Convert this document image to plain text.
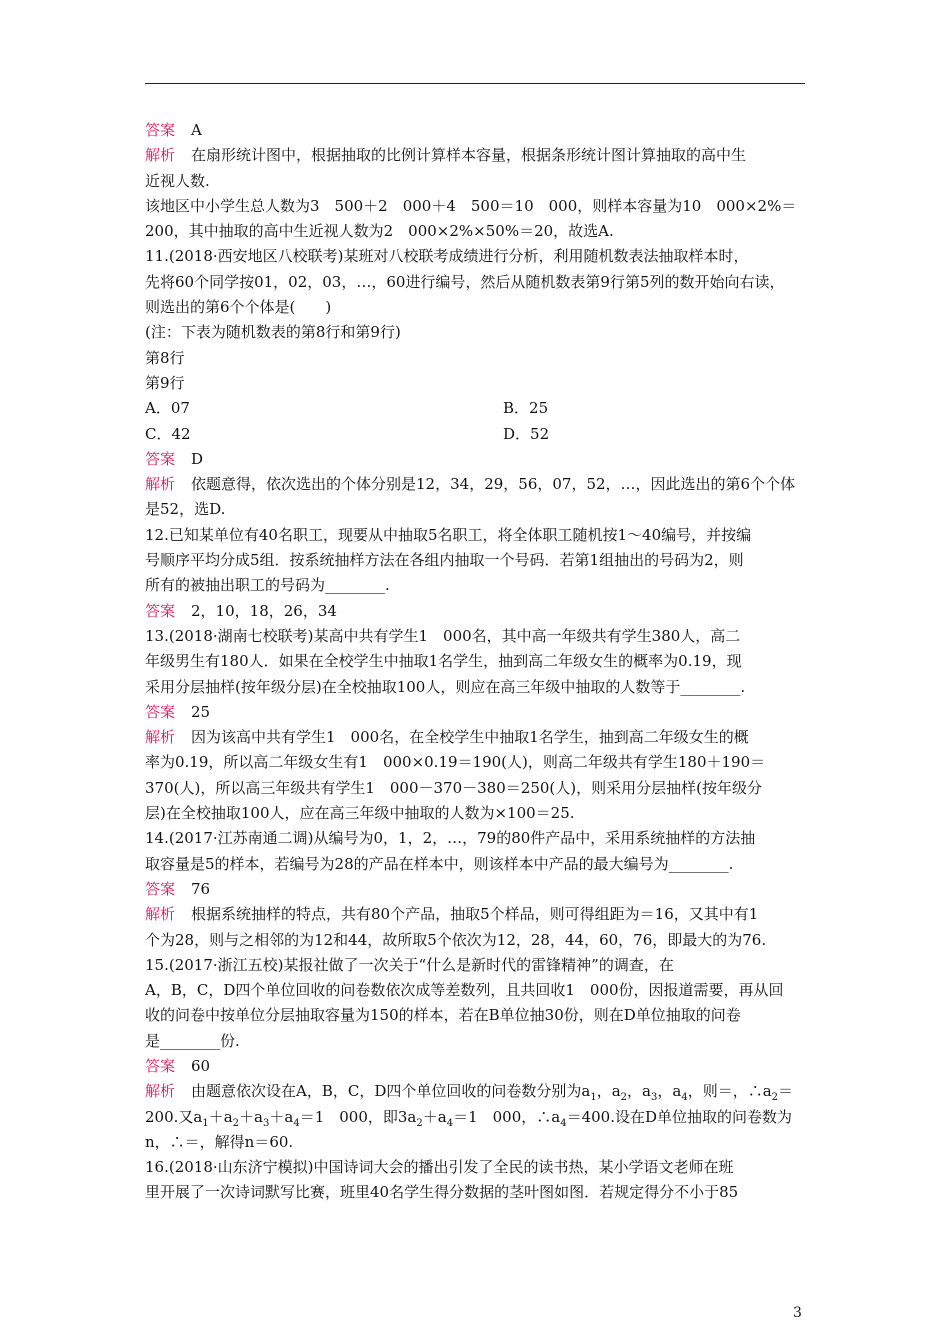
答案 A
解析 在扇形统计图中，根据抽取的比例计算样本容量，根据条形统计图计算抽取的高中生
近视人数.
该地区中小学生总人数为3　500＋2　000＋4　500＝10　000，则样本容量为10　000×2%＝
200，其中抽取的高中生近视人数为2　000×2%×50%＝20，故选A.
11.(2018·西安地区八校联考)某班对八校联考成绩进行分析，利用随机数表法抽取样本时，
先将60个同学按01，02，03，…，60进行编号，然后从随机数表第9行第5列的数开始向右读，
则选出的第6个个体是(　　)
(注：下表为随机数表的第8行和第9行)
第8行
第9行
A．07	B．25
C．42	D．52
答案 D
解析 依题意得，依次选出的个体分别是12，34，29，56，07，52，…，因此选出的第6个个体
是52，选D.
12.已知某单位有40名职工，现要从中抽取5名职工，将全体职工随机按1～40编号，并按编
号顺序平均分成5组．按系统抽样方法在各组内抽取一个号码．若第1组抽出的号码为2，则
所有的被抽出职工的号码为________.
答案 2，10，18，26，34
13.(2018·湖南七校联考)某高中共有学生1　000名，其中高一年级共有学生380人，高二
年级男生有180人．如果在全校学生中抽取1名学生，抽到高二年级女生的概率为0.19，现
采用分层抽样(按年级分层)在全校抽取100人，则应在高三年级中抽取的人数等于________.
答案 25
解析 因为该高中共有学生1　000名，在全校学生中抽取1名学生，抽到高二年级女生的概
率为0.19，所以高二年级女生有1　000×0.19＝190(人)，则高二年级共有学生180＋190＝
370(人)，所以高三年级共有学生1　000－370－380＝250(人)，则采用分层抽样(按年级分
层)在全校抽取100人，应在高三年级中抽取的人数为×100＝25.
14.(2017·江苏南通二调)从编号为0，1，2，…，79的80件产品中，采用系统抽样的方法抽
取容量是5的样本，若编号为28的产品在样本中，则该样本中产品的最大编号为________.
答案 76
解析 根据系统抽样的特点，共有80个产品，抽取5个样品，则可得组距为＝16，又其中有1
个为28，则与之相邻的为12和44，故所取5个依次为12，28，44，60，76，即最大的为76.
15.(2017·浙江五校)某报社做了一次关于“什么是新时代的雷锋精神”的调查，在
A，B，C，D四个单位回收的问卷数依次成等差数列，且共回收1　000份，因报道需要，再从回
收的问卷中按单位分层抽取容量为150的样本，若在B单位抽30份，则在D单位抽取的问卷
是________份.
答案 60
解析 由题意依次设在A，B，C，D四个单位回收的问卷数分别为$a_1$，$a_2$，$a_3$，$a_4$，则＝，$\therefore a_2=$
200.又$a_1+a_2+a_3+a_4=1$　000，即$3a_2+a_4=1$　000，$\therefore a_4=400$.设在D单位抽取的问卷数为
n，∴＝，解得n＝60.
16.(2018·山东济宁模拟)中国诗词大会的播出引发了全民的读书热，某小学语文老师在班
里开展了一次诗词默写比赛，班里40名学生得分数据的茎叶图如图．若规定得分不小于85
3
